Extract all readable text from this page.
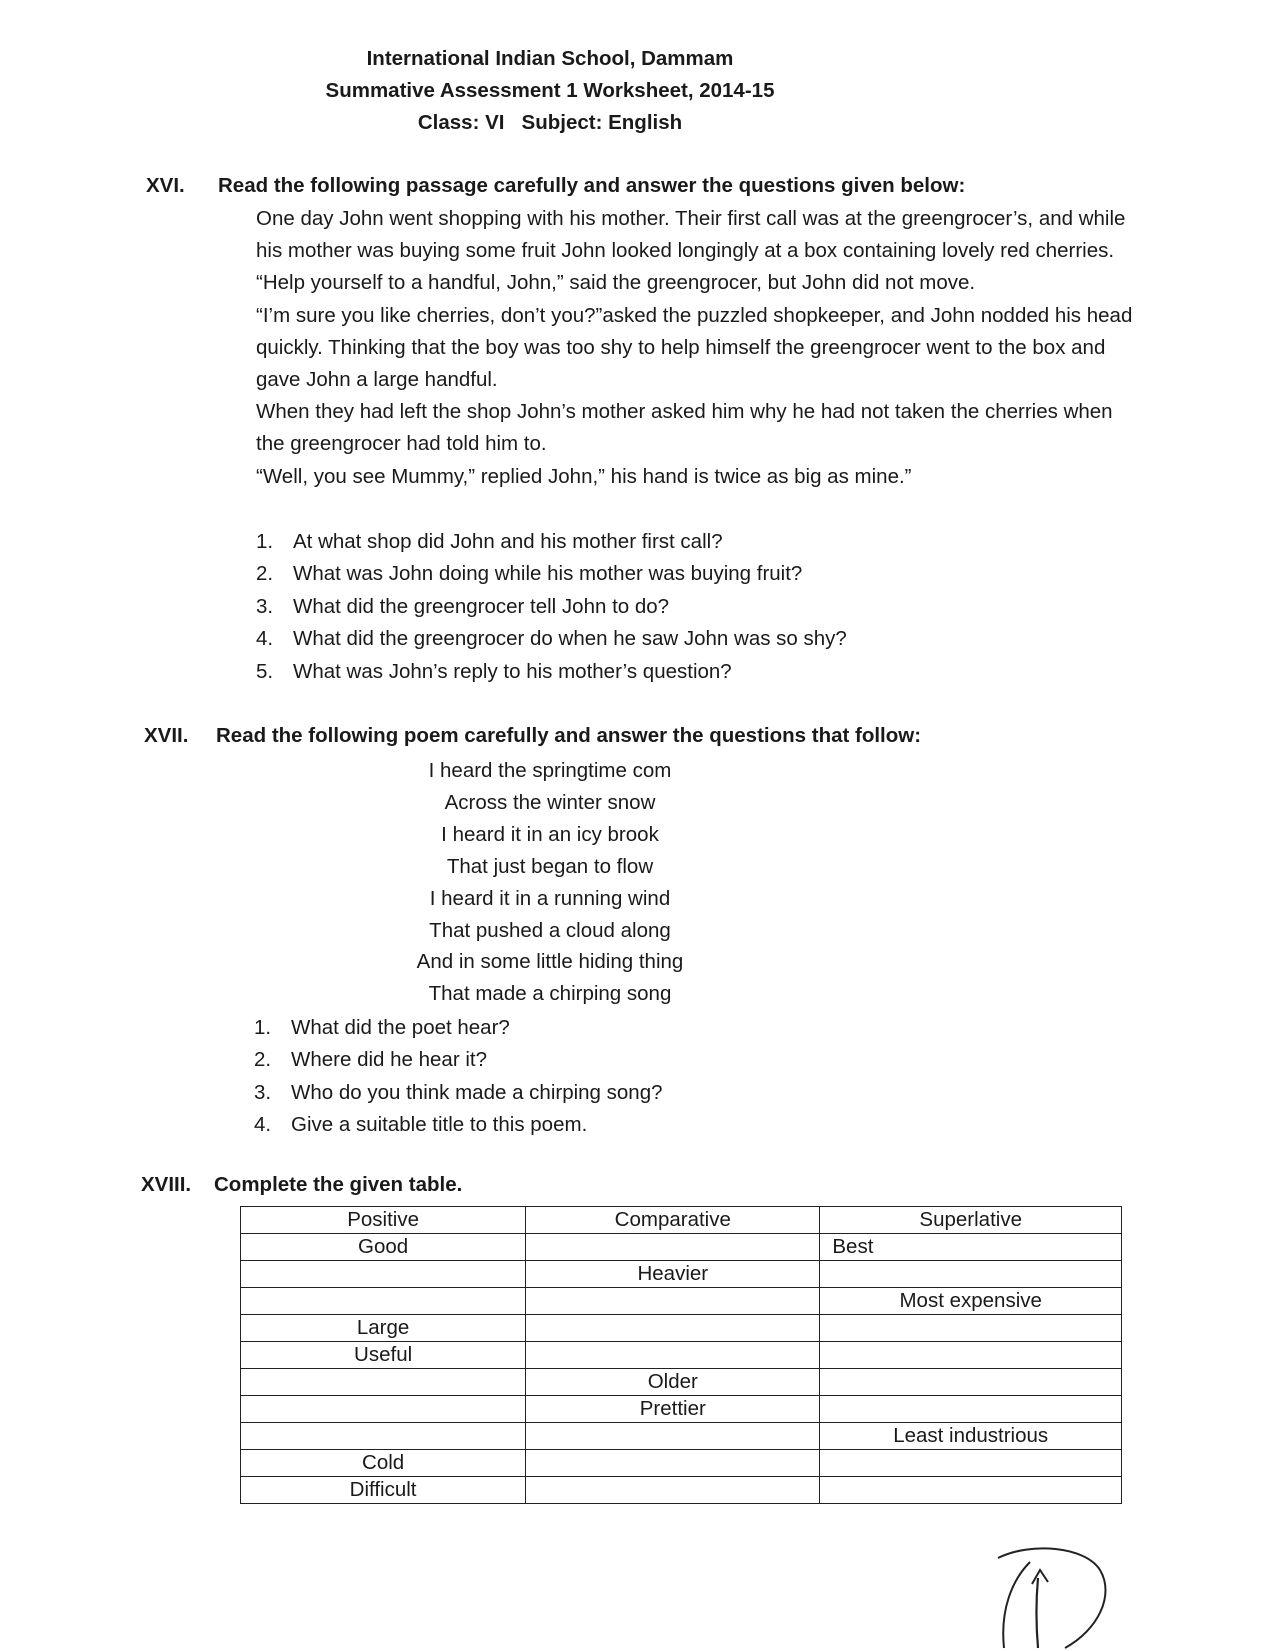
International Indian School, Dammam
Summative Assessment 1 Worksheet, 2014-15
Class: VI   Subject: English
XVI. Read the following passage carefully and answer the questions given below:

One day John went shopping with his mother. Their first call was at the greengrocer’s, and while his mother was buying some fruit John looked longingly at a box containing lovely red cherries.

“Help yourself to a handful, John,” said the greengrocer, but John did not move.

“I’m sure you like cherries, don’t you?”asked the puzzled shopkeeper, and John nodded his head quickly. Thinking that the boy was too shy to help himself the greengrocer went to the box and gave John a large handful.

When they had left the shop John’s mother asked him why he had not taken the cherries when the greengrocer had told him to.

“Well, you see Mummy,” replied John,” his hand is twice as big as mine.”

1. At what shop did John and his mother first call?
2. What was John doing while his mother was buying fruit?
3. What did the greengrocer tell John to do?
4. What did the greengrocer do when he saw John was so shy?
5. What was John’s reply to his mother’s question?
XVII. Read the following poem carefully and answer the questions that follow:
I heard the springtime com
Across the winter snow
I heard it in an icy brook
That just began to flow
I heard it in a running wind
That pushed a cloud along
And in some little hiding thing
That made a chirping song
1. What did the poet hear?
2. Where did he hear it?
3. Who do you think made a chirping song?
4. Give a suitable title to this poem.
XVIII. Complete the given table.
Positive	Comparative	Superlative
Good		Best
	Heavier	
		Most expensive
Large		
Useful		
	Older	
	Prettier	
		Least industrious
Cold		
Difficult		
